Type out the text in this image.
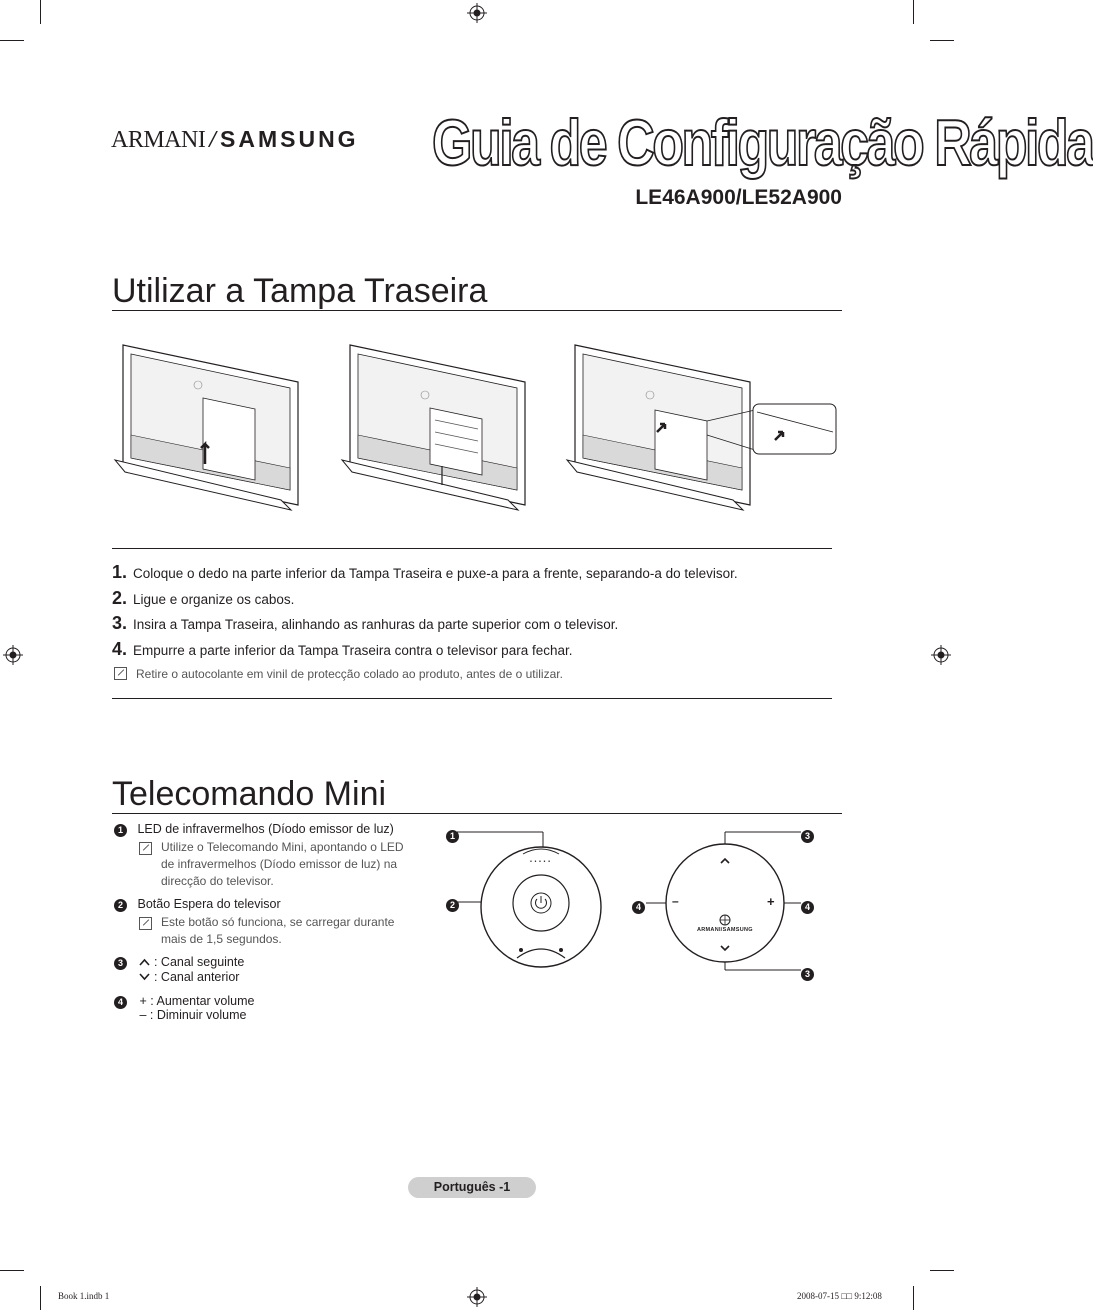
ARMANI / SAMSUNG Guia de Configuração Rápida
LE46A900/LE52A900
Utilizar a Tampa Traseira
1. Coloque o dedo na parte inferior da Tampa Traseira e puxe-a para a frente, separando-a do televisor.
2. Ligue e organize os cabos.
3. Insira a Tampa Traseira, alinhando as ranhuras da parte superior com o televisor.
4. Empurre a parte inferior da Tampa Traseira contra o televisor para fechar.
Retire o autocolante em vinil de protecção colado ao produto, antes de o utilizar.
Telecomando Mini
1 LED de infravermelhos (Díodo emissor de luz)
Utilize o Telecomando Mini, apontando o LED
de infravermelhos (Díodo emissor de luz) na
direcção do televisor.
2 Botão Espera do televisor
Este botão só funciona, se carregar durante
mais de 1,5 segundos.
3	: Canal seguinte
: Canal anterior
4 + : Aumentar volume
– : Diminuir volume
• • • • •
1
2	–	+
ARMANI/SAMSUNG
3
4	4
3
Português -1
Book 1.indb 1	2008-07-15 □□ 9:12:08
